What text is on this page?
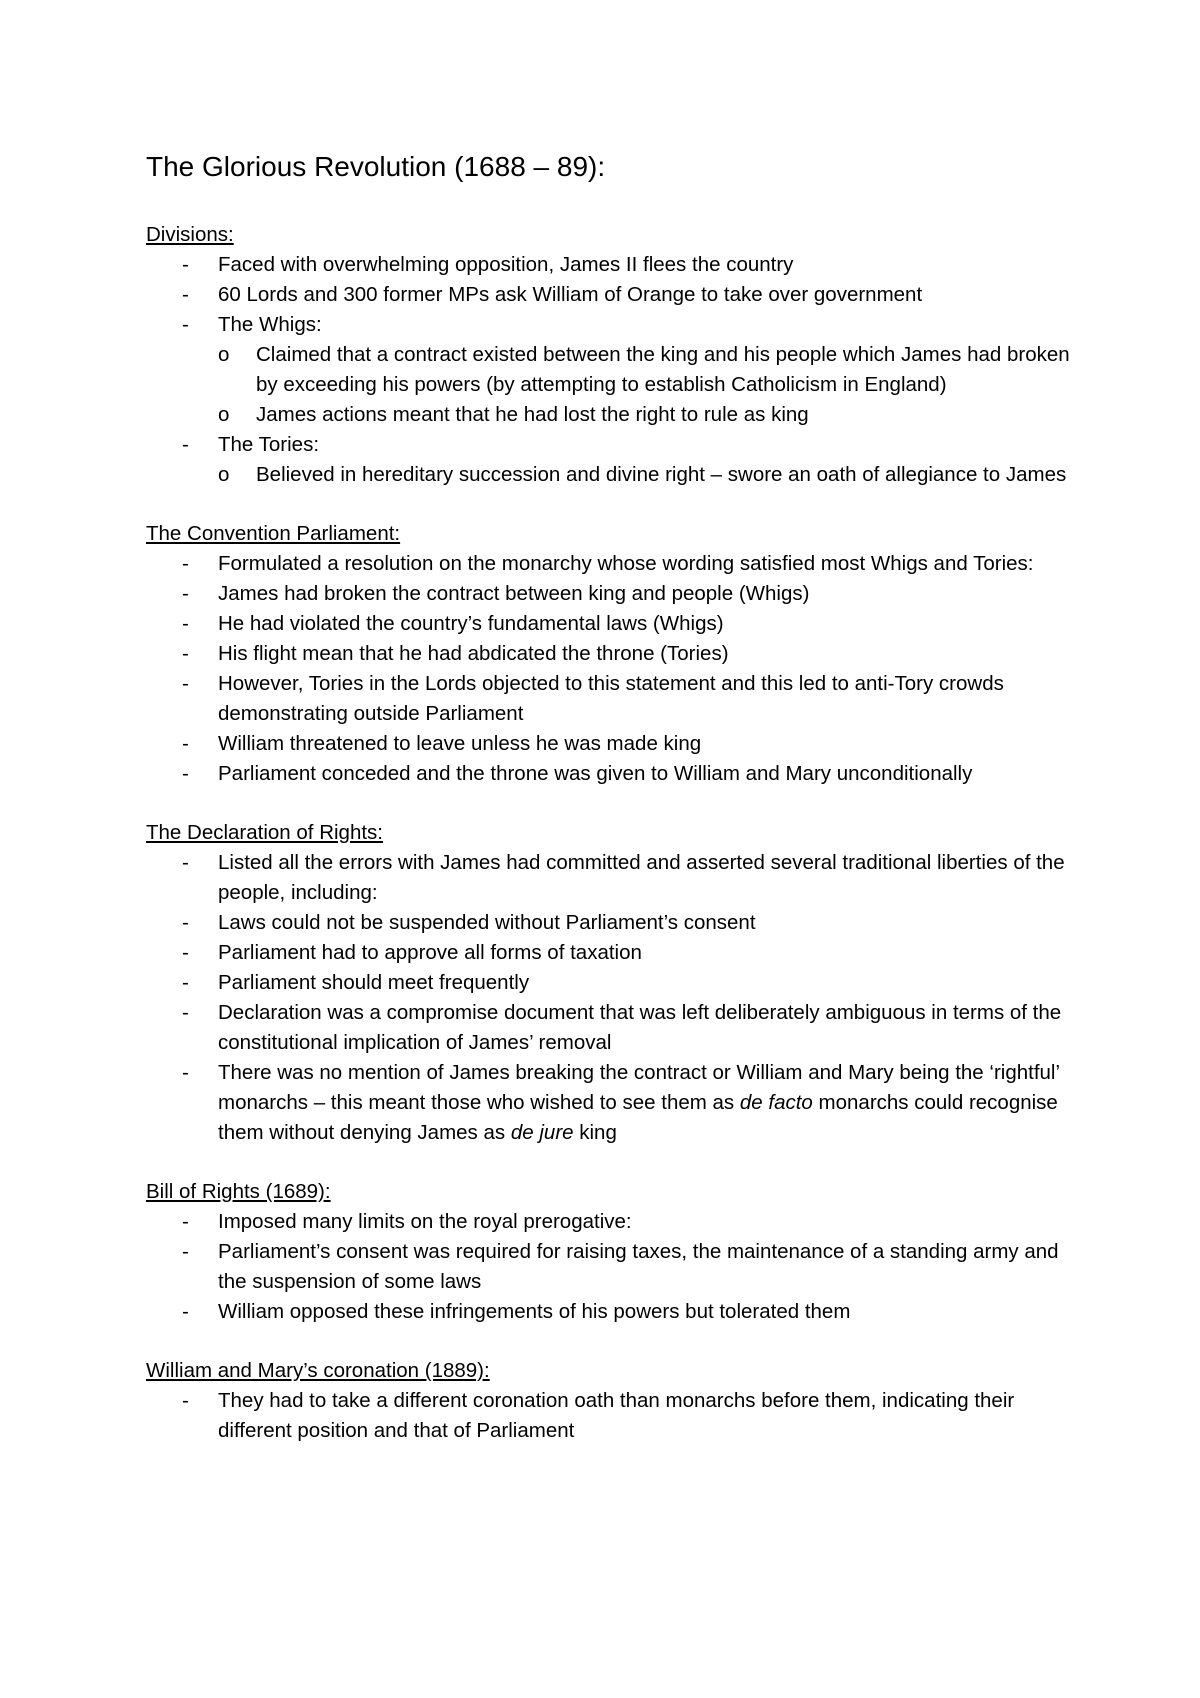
The Glorious Revolution (1688 – 89):

Divisions:

- Faced with overwhelming opposition, James II flees the country
- 60 Lords and 300 former MPs ask William of Orange to take over government
- The Whigs:
o Claimed that a contract existed between the king and his people which James had broken by exceeding his powers (by attempting to establish Catholicism in England)
o James actions meant that he had lost the right to rule as king
- The Tories:
o Believed in hereditary succession and divine right – swore an oath of allegiance to James

The Convention Parliament:

- Formulated a resolution on the monarchy whose wording satisfied most Whigs and Tories:
- James had broken the contract between king and people (Whigs)
- He had violated the country’s fundamental laws (Whigs)
- His flight mean that he had abdicated the throne (Tories)
- However, Tories in the Lords objected to this statement and this led to anti-Tory crowds demonstrating outside Parliament
- William threatened to leave unless he was made king
- Parliament conceded and the throne was given to William and Mary unconditionally

The Declaration of Rights:

- Listed all the errors with James had committed and asserted several traditional liberties of the people, including:
- Laws could not be suspended without Parliament’s consent
- Parliament had to approve all forms of taxation
- Parliament should meet frequently
- Declaration was a compromise document that was left deliberately ambiguous in terms of the constitutional implication of James’ removal
- There was no mention of James breaking the contract or William and Mary being the ‘rightful’ monarchs – this meant those who wished to see them as de facto monarchs could recognise them without denying James as de jure king

Bill of Rights (1689):

- Imposed many limits on the royal prerogative:
- Parliament’s consent was required for raising taxes, the maintenance of a standing army and the suspension of some laws
- William opposed these infringements of his powers but tolerated them

William and Mary’s coronation (1889):

- They had to take a different coronation oath than monarchs before them, indicating their different position and that of Parliament
